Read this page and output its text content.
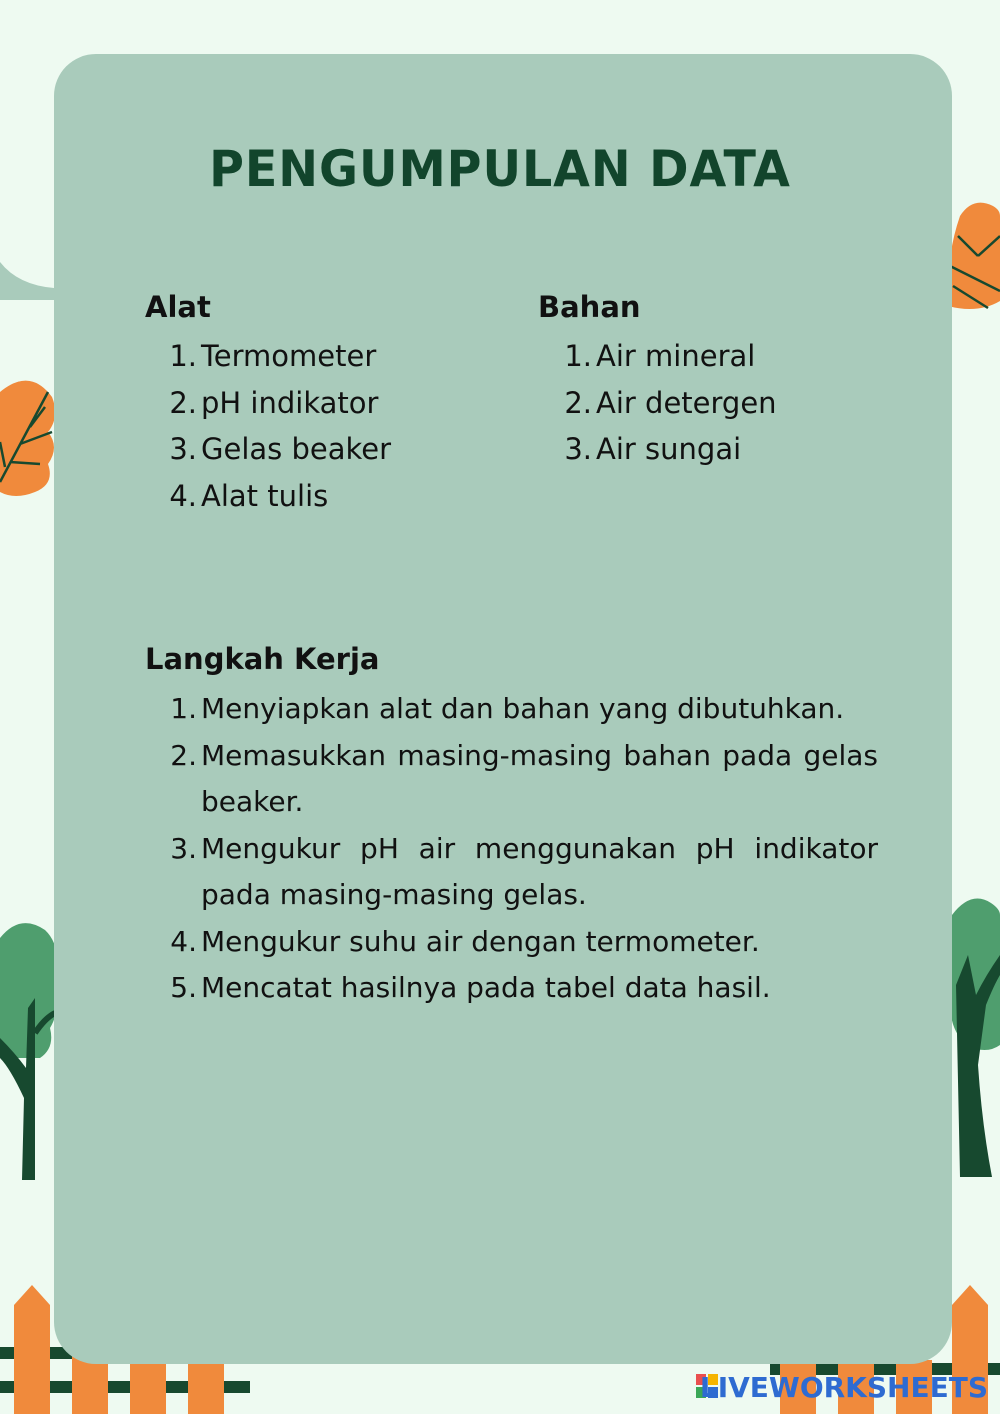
PENGUMPULAN DATA
Alat
1. Termometer
2. pH indikator
3. Gelas beaker
4. Alat tulis
Bahan
1. Air mineral
2. Air detergen
3. Air sungai
Langkah Kerja
1. Menyiapkan alat dan bahan yang dibutuhkan.
2. Memasukkan masing-masing bahan pada gelas beaker.
3. Mengukur pH air menggunakan pH indikator pada masing-masing gelas.
4. Mengukur suhu air dengan termometer.
5. Mencatat hasilnya pada tabel data hasil.
LIVEWORKSHEETS
